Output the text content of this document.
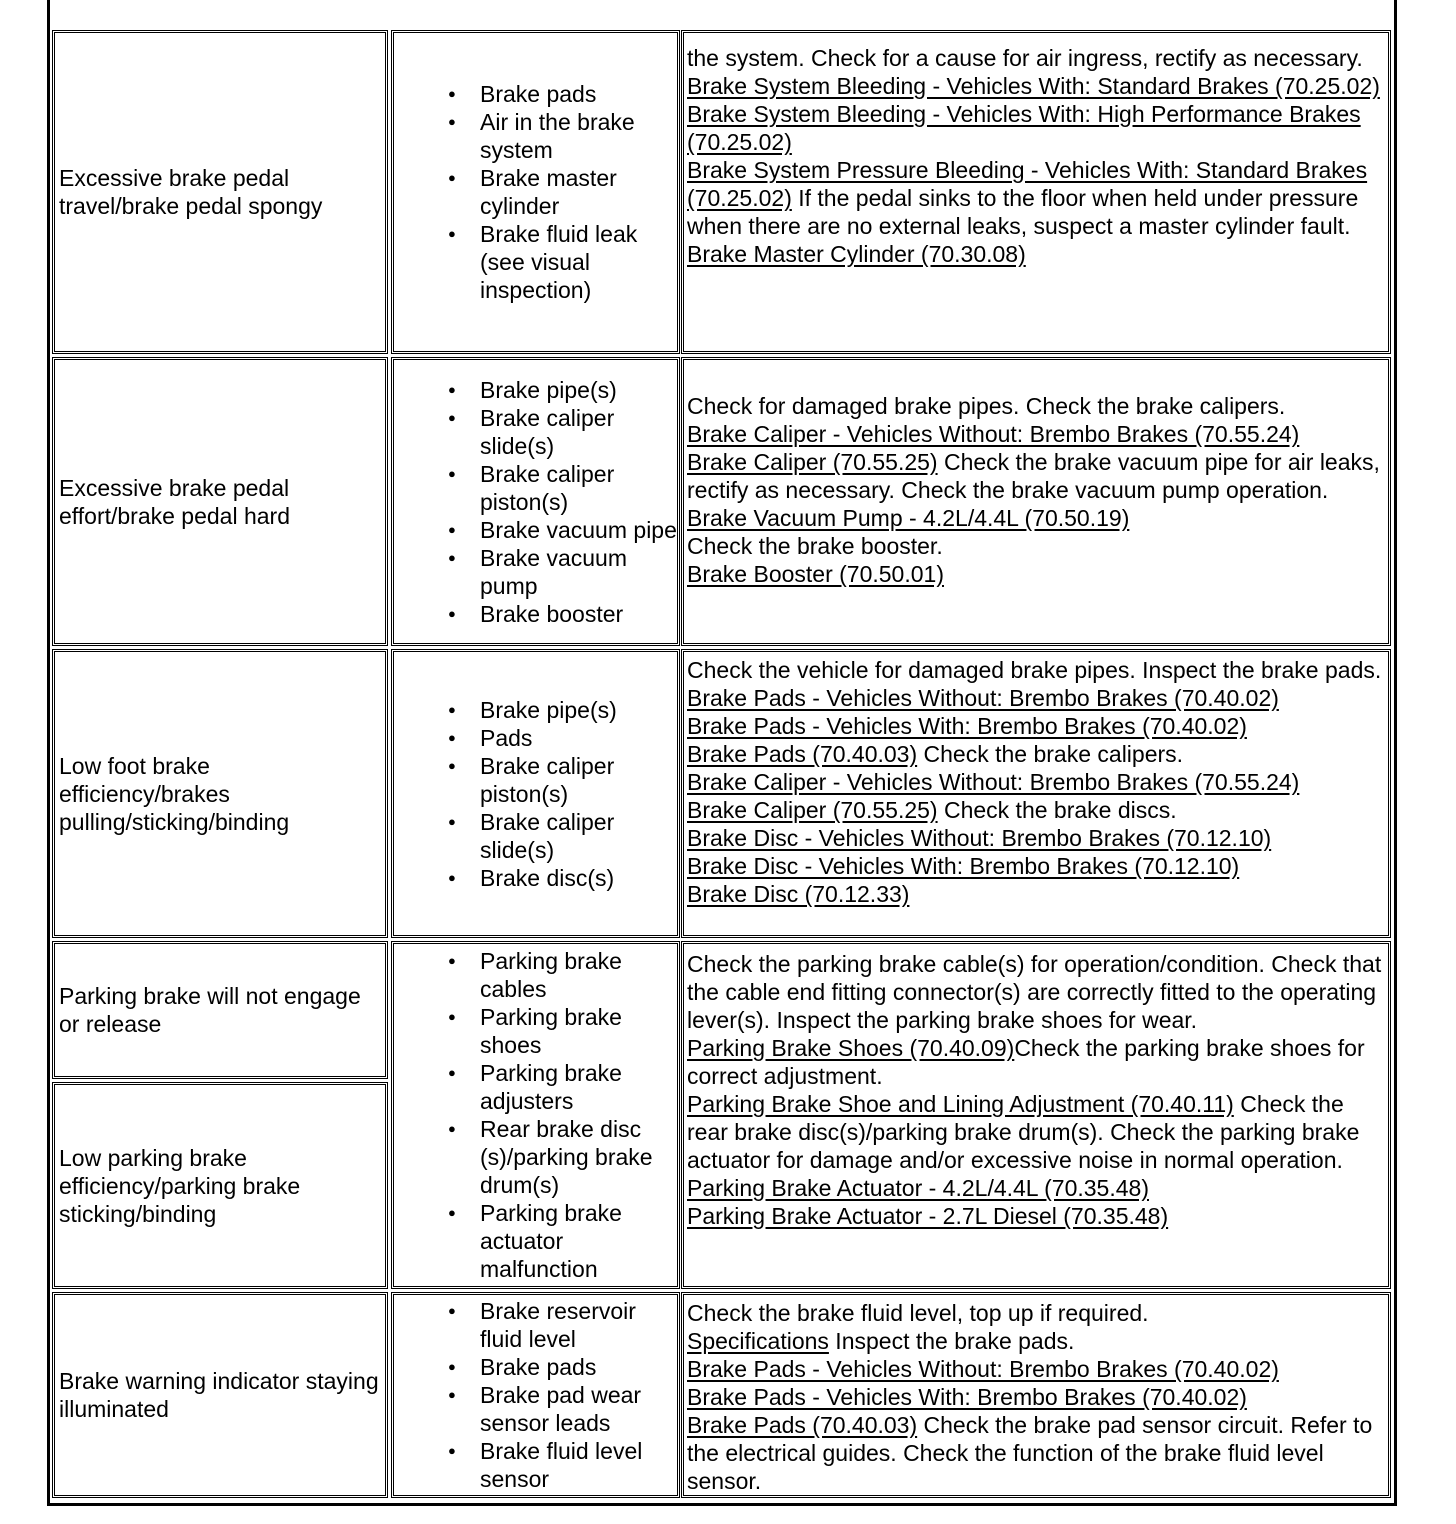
Excessive brake pedal travel/brake pedal spongy
● Brake pads
● Air in the brake system
● Brake master cylinder
● Brake fluid leak (see visual inspection)
the system. Check for a cause for air ingress, rectify as necessary.
Brake System Bleeding - Vehicles With: Standard Brakes (70.25.02)
Brake System Bleeding - Vehicles With: High Performance Brakes (70.25.02)
Brake System Pressure Bleeding - Vehicles With: Standard Brakes (70.25.02) If the pedal sinks to the floor when held under pressure when there are no external leaks, suspect a master cylinder fault.
Brake Master Cylinder (70.30.08)
Excessive brake pedal effort/brake pedal hard
● Brake pipe(s)
● Brake caliper slide(s)
● Brake caliper piston(s)
● Brake vacuum pipe
● Brake vacuum pump
● Brake booster
Check for damaged brake pipes. Check the brake calipers.
Brake Caliper - Vehicles Without: Brembo Brakes (70.55.24)
Brake Caliper (70.55.25) Check the brake vacuum pipe for air leaks, rectify as necessary. Check the brake vacuum pump operation.
Brake Vacuum Pump - 4.2L/4.4L (70.50.19)
Check the brake booster.
Brake Booster (70.50.01)
Low foot brake efficiency/brakes pulling/sticking/binding
● Brake pipe(s)
● Pads
● Brake caliper piston(s)
● Brake caliper slide(s)
● Brake disc(s)
Check the vehicle for damaged brake pipes. Inspect the brake pads.
Brake Pads - Vehicles Without: Brembo Brakes (70.40.02)
Brake Pads - Vehicles With: Brembo Brakes (70.40.02)
Brake Pads (70.40.03) Check the brake calipers.
Brake Caliper - Vehicles Without: Brembo Brakes (70.55.24)
Brake Caliper (70.55.25) Check the brake discs.
Brake Disc - Vehicles Without: Brembo Brakes (70.12.10)
Brake Disc - Vehicles With: Brembo Brakes (70.12.10)
Brake Disc (70.12.33)
Parking brake will not engage or release
Low parking brake efficiency/parking brake sticking/binding
● Parking brake cables
● Parking brake shoes
● Parking brake adjusters
● Rear brake disc (s)/parking brake drum(s)
● Parking brake actuator malfunction
Check the parking brake cable(s) for operation/condition. Check that the cable end fitting connector(s) are correctly fitted to the operating lever(s). Inspect the parking brake shoes for wear.
Parking Brake Shoes (70.40.09)Check the parking brake shoes for correct adjustment.
Parking Brake Shoe and Lining Adjustment (70.40.11) Check the rear brake disc(s)/parking brake drum(s). Check the parking brake actuator for damage and/or excessive noise in normal operation.
Parking Brake Actuator - 4.2L/4.4L (70.35.48)
Parking Brake Actuator - 2.7L Diesel (70.35.48)
Brake warning indicator staying illuminated
● Brake reservoir fluid level
● Brake pads
● Brake pad wear sensor leads
● Brake fluid level sensor
Check the brake fluid level, top up if required.
Specifications Inspect the brake pads.
Brake Pads - Vehicles Without: Brembo Brakes (70.40.02)
Brake Pads - Vehicles With: Brembo Brakes (70.40.02)
Brake Pads (70.40.03) Check the brake pad sensor circuit. Refer to the electrical guides. Check the function of the brake fluid level sensor.
